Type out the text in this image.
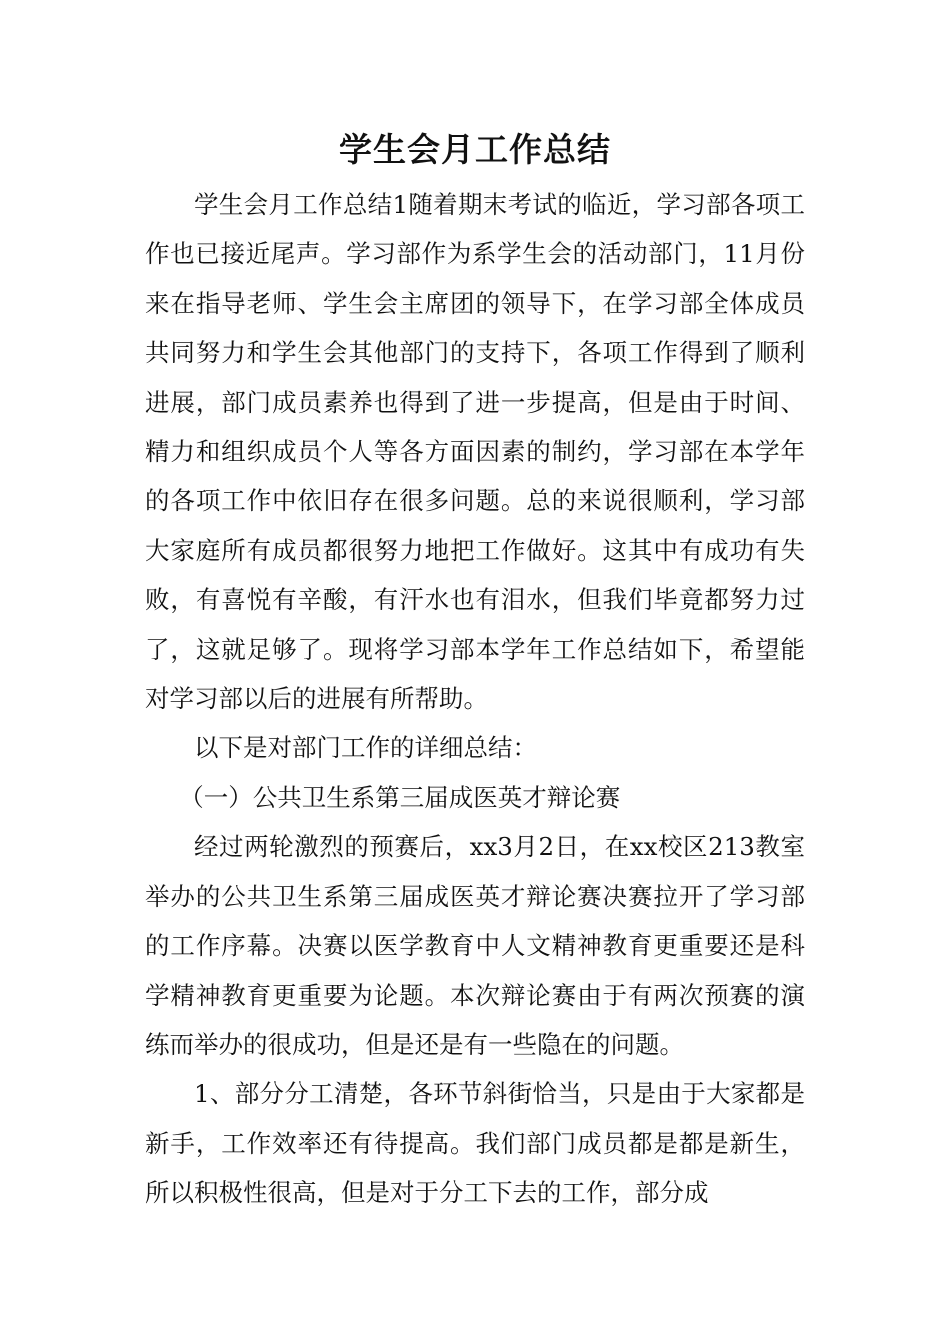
学生会月工作总结

学生会月工作总结1随着期末考试的临近，学习部各项工作也已接近尾声。学习部作为系学生会的活动部门，11月份来在指导老师、学生会主席团的领导下，在学习部全体成员共同努力和学生会其他部门的支持下，各项工作得到了顺利进展，部门成员素养也得到了进一步提高，但是由于时间、精力和组织成员个人等各方面因素的制约，学习部在本学年的各项工作中依旧存在很多问题。总的来说很顺利，学习部大家庭所有成员都很努力地把工作做好。这其中有成功有失败，有喜悦有辛酸，有汗水也有泪水，但我们毕竟都努力过了，这就足够了。现将学习部本学年工作总结如下，希望能对学习部以后的进展有所帮助。

以下是对部门工作的详细总结：

（一）公共卫生系第三届成医英才辩论赛

经过两轮激烈的预赛后，xx3月2日，在xx校区213教室举办的公共卫生系第三届成医英才辩论赛决赛拉开了学习部的工作序幕。决赛以医学教育中人文精神教育更重要还是科学精神教育更重要为论题。本次辩论赛由于有两次预赛的演练而举办的很成功，但是还是有一些隐在的问题。

1、部分分工清楚，各环节斜街恰当，只是由于大家都是新手，工作效率还有待提高。我们部门成员都是都是新生，所以积极性很高，但是对于分工下去的工作，部分成
